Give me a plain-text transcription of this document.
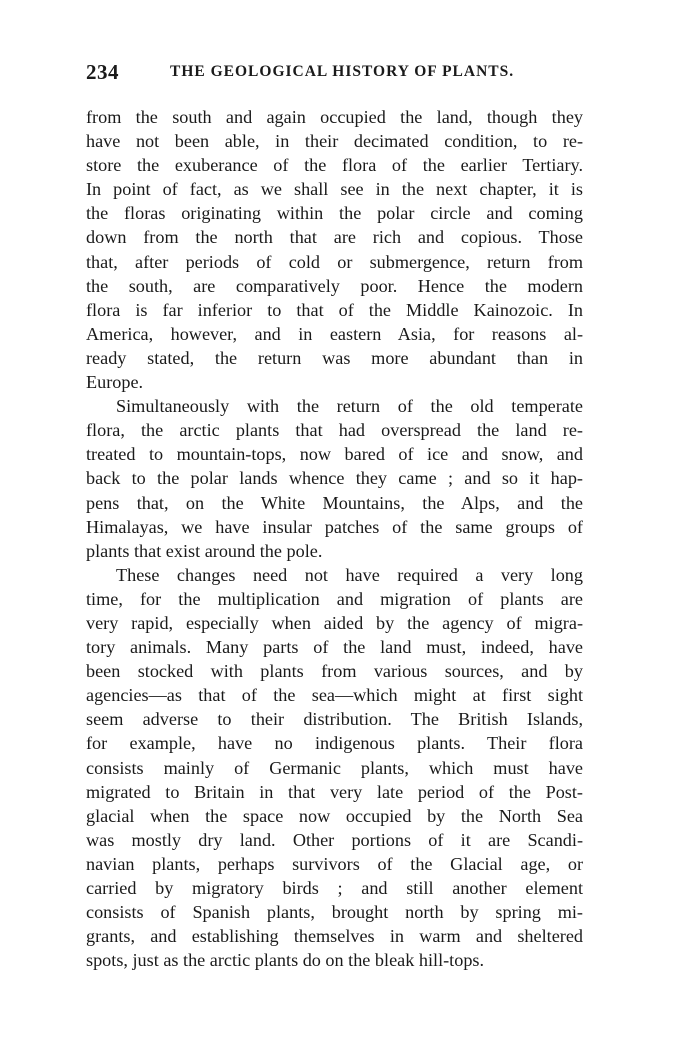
234	THE GEOLOGICAL HISTORY OF PLANTS.
from the south and again occupied the land, though they
have not been able, in their decimated condition, to re-
store the exuberance of the flora of the earlier Tertiary.
In point of fact, as we shall see in the next chapter, it is
the floras originating within the polar circle and coming
down from the north that are rich and copious. Those
that, after periods of cold or submergence, return from
the south, are comparatively poor. Hence the modern
flora is far inferior to that of the Middle Kainozoic. In
America, however, and in eastern Asia, for reasons al-
ready stated, the return was more abundant than in
Europe.
Simultaneously with the return of the old temperate
flora, the arctic plants that had overspread the land re-
treated to mountain-tops, now bared of ice and snow, and
back to the polar lands whence they came ; and so it hap-
pens that, on the White Mountains, the Alps, and the
Himalayas, we have insular patches of the same groups of
plants that exist around the pole.
These changes need not have required a very long
time, for the multiplication and migration of plants are
very rapid, especially when aided by the agency of migra-
tory animals. Many parts of the land must, indeed, have
been stocked with plants from various sources, and by
agencies—as that of the sea—which might at first sight
seem adverse to their distribution. The British Islands,
for example, have no indigenous plants. Their flora
consists mainly of Germanic plants, which must have
migrated to Britain in that very late period of the Post-
glacial when the space now occupied by the North Sea
was mostly dry land. Other portions of it are Scandi-
navian plants, perhaps survivors of the Glacial age, or
carried by migratory birds ; and still another element
consists of Spanish plants, brought north by spring mi-
grants, and establishing themselves in warm and sheltered
spots, just as the arctic plants do on the bleak hill-tops.
